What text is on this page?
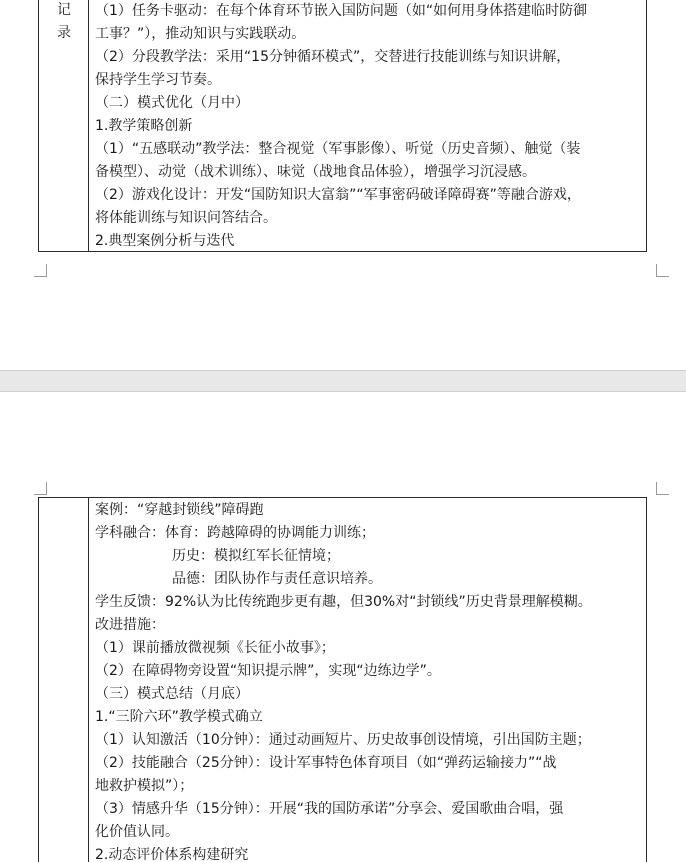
记
录
（1）任务卡驱动：在每个体育环节嵌入国防问题（如“如何用身体搭建临时防御
工事？”），推动知识与实践联动。
（2）分段教学法：采用“15分钟循环模式”，交替进行技能训练与知识讲解，
保持学生学习节奏。
（二）模式优化（月中）
1.教学策略创新
（1）“五感联动”教学法：整合视觉（军事影像）、听觉（历史音频）、触觉（装
备模型）、动觉（战术训练）、味觉（战地食品体验），增强学习沉浸感。
（2）游戏化设计：开发“国防知识大富翁”“军事密码破译障碍赛”等融合游戏，
将体能训练与知识问答结合。
2.典型案例分析与迭代
案例：“穿越封锁线”障碍跑
学科融合：体育：跨越障碍的协调能力训练；
历史：模拟红军长征情境；
品德：团队协作与责任意识培养。
学生反馈：92%认为比传统跑步更有趣，但30%对“封锁线”历史背景理解模糊。
改进措施：
（1）课前播放微视频《长征小故事》；
（2）在障碍物旁设置“知识提示牌”，实现“边练边学”。
（三）模式总结（月底）
1.“三阶六环”教学模式确立
（1）认知激活（10分钟）：通过动画短片、历史故事创设情境，引出国防主题；
（2）技能融合（25分钟）：设计军事特色体育项目（如“弹药运输接力”“战
地救护模拟”）；
（3）情感升华（15分钟）：开展“我的国防承诺”分享会、爱国歌曲合唱，强
化价值认同。
2.动态评价体系构建研究
